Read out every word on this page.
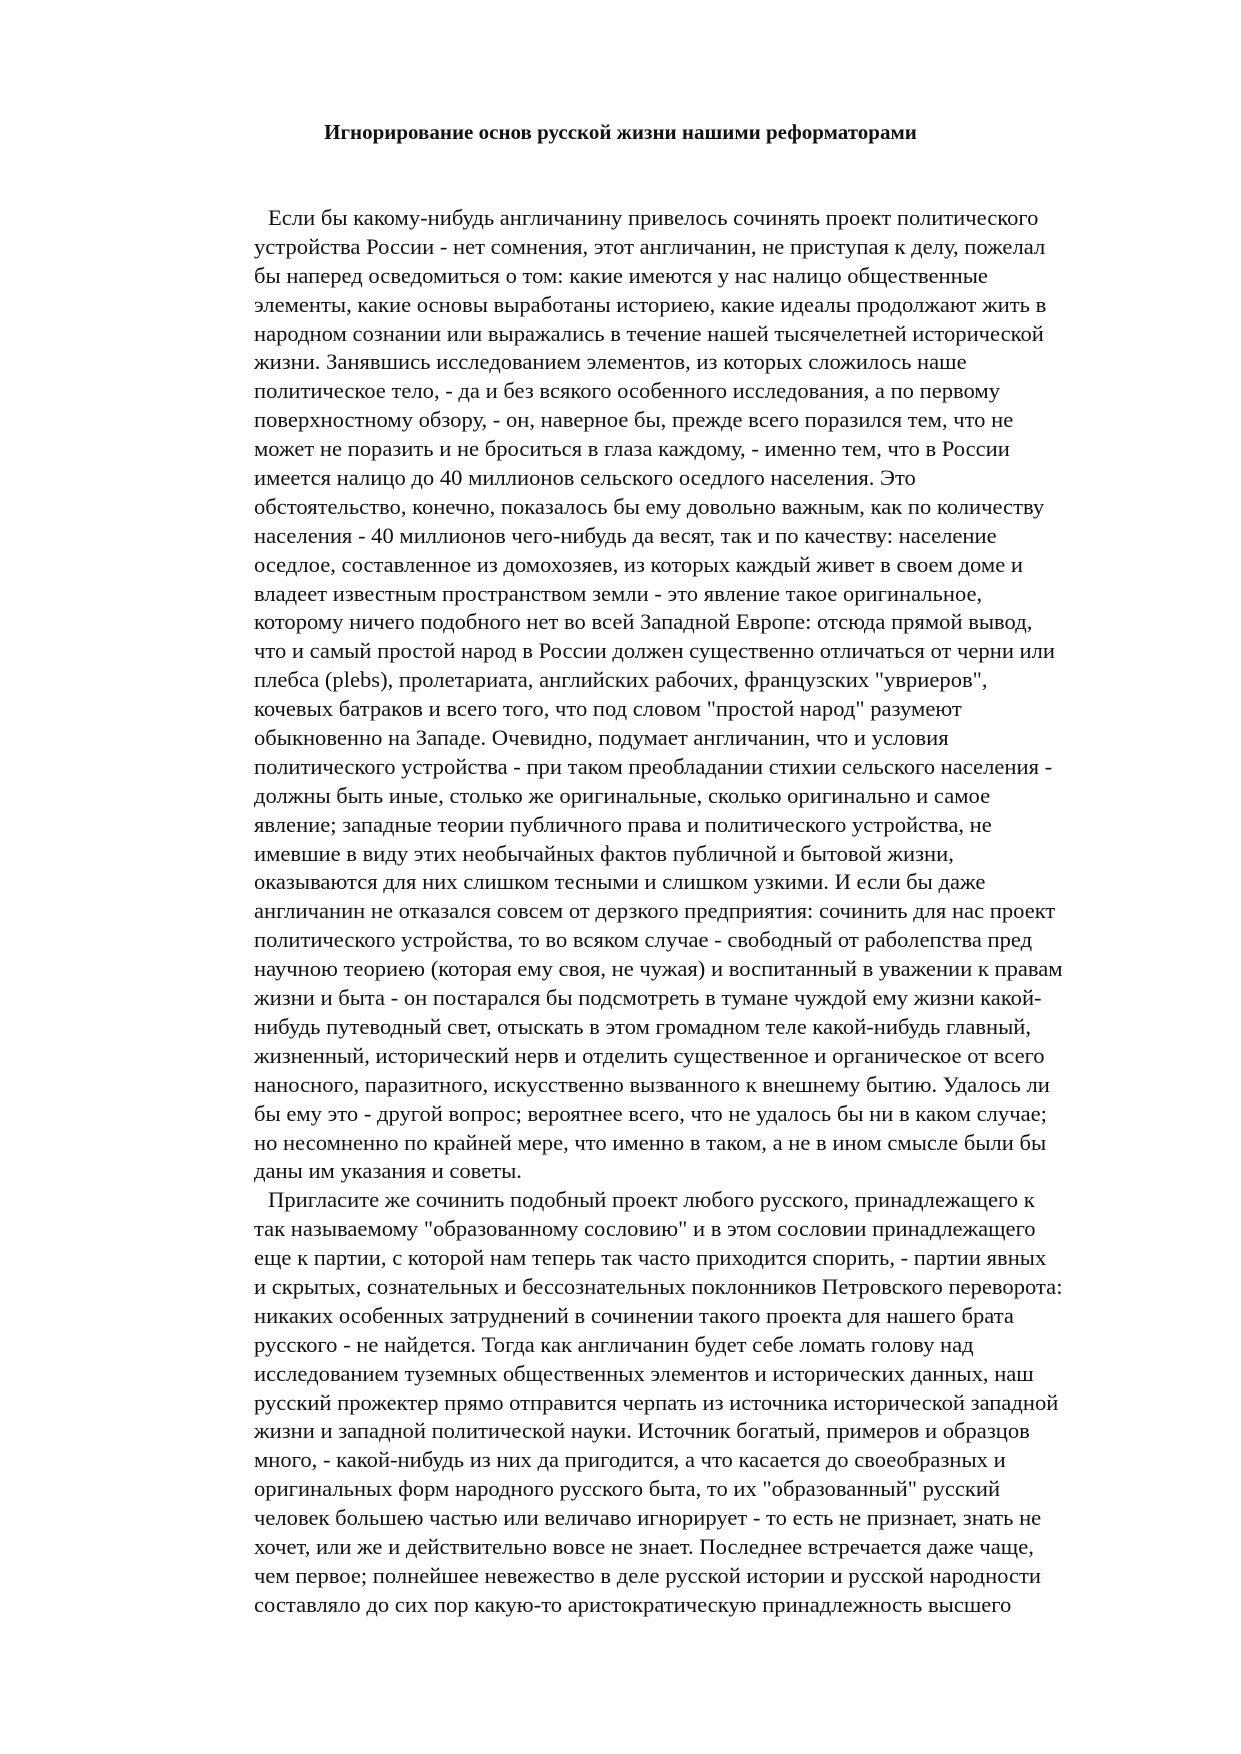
Игнорирование основ русской жизни нашими реформаторами
Если бы какому-нибудь англичанину привелось сочинять проект политического
устройства России - нет сомнения, этот англичанин, не приступая к делу, пожелал
бы наперед осведомиться о том: какие имеются у нас налицо общественные
элементы, какие основы выработаны историею, какие идеалы продолжают жить в
народном сознании или выражались в течение нашей тысячелетней исторической
жизни. Занявшись исследованием элементов, из которых сложилось наше
политическое тело, - да и без всякого особенного исследования, а по первому
поверхностному обзору, - он, наверное бы, прежде всего поразился тем, что не
может не поразить и не броситься в глаза каждому, - именно тем, что в России
имеется налицо до 40 миллионов сельского оседлого населения. Это
обстоятельство, конечно, показалось бы ему довольно важным, как по количеству
населения - 40 миллионов чего-нибудь да весят, так и по качеству: население
оседлое, составленное из домохозяев, из которых каждый живет в своем доме и
владеет известным пространством земли - это явление такое оригинальное,
которому ничего подобного нет во всей Западной Европе: отсюда прямой вывод,
что и самый простой народ в России должен существенно отличаться от черни или
плебса (plebs), пролетариата, английских рабочих, французских "увриеров",
кочевых батраков и всего того, что под словом "простой народ" разумеют
обыкновенно на Западе. Очевидно, подумает англичанин, что и условия
политического устройства - при таком преобладании стихии сельского населения -
должны быть иные, столько же оригинальные, сколько оригинально и самое
явление; западные теории публичного права и политического устройства, не
имевшие в виду этих необычайных фактов публичной и бытовой жизни,
оказываются для них слишком тесными и слишком узкими. И если бы даже
англичанин не отказался совсем от дерзкого предприятия: сочинить для нас проект
политического устройства, то во всяком случае - свободный от раболепства пред
научною теориею (которая ему своя, не чужая) и воспитанный в уважении к правам
жизни и быта - он постарался бы подсмотреть в тумане чуждой ему жизни какой-
нибудь путеводный свет, отыскать в этом громадном теле какой-нибудь главный,
жизненный, исторический нерв и отделить существенное и органическое от всего
наносного, паразитного, искусственно вызванного к внешнему бытию. Удалось ли
бы ему это - другой вопрос; вероятнее всего, что не удалось бы ни в каком случае;
но несомненно по крайней мере, что именно в таком, а не в ином смысле были бы
даны им указания и советы.
Пригласите же сочинить подобный проект любого русского, принадлежащего к
так называемому "образованному сословию" и в этом сословии принадлежащего
еще к партии, с которой нам теперь так часто приходится спорить, - партии явных
и скрытых, сознательных и бессознательных поклонников Петровского переворота:
никаких особенных затруднений в сочинении такого проекта для нашего брата
русского - не найдется. Тогда как англичанин будет себе ломать голову над
исследованием туземных общественных элементов и исторических данных, наш
русский прожектер прямо отправится черпать из источника исторической западной
жизни и западной политической науки. Источник богатый, примеров и образцов
много, - какой-нибудь из них да пригодится, а что касается до своеобразных и
оригинальных форм народного русского быта, то их "образованный" русский
человек большею частью или величаво игнорирует - то есть не признает, знать не
хочет, или же и действительно вовсе не знает. Последнее встречается даже чаще,
чем первое; полнейшее невежество в деле русской истории и русской народности
составляло до сих пор какую-то аристократическую принадлежность высшего
